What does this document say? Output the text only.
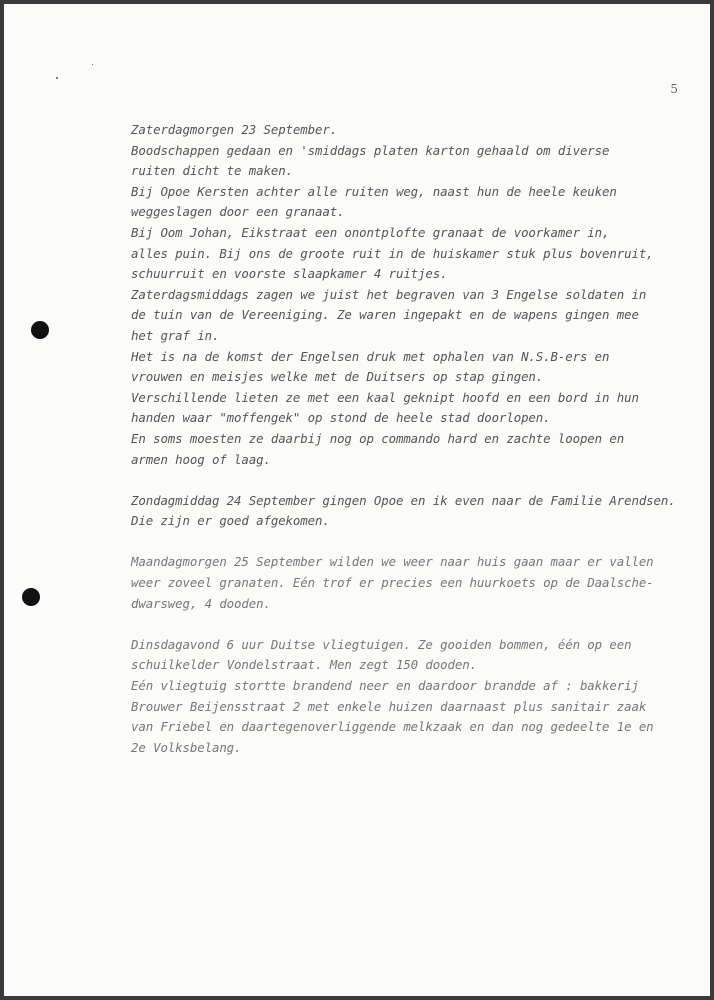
5
Zaterdagmorgen 23 September.
Boodschappen gedaan en 'smiddags platen karton gehaald om diverse
ruiten dicht te maken.
Bij Opoe Kersten achter alle ruiten weg, naast hun de heele keuken
weggeslagen door een granaat.
Bij Oom Johan, Eikstraat een onontplofte granaat de voorkamer in,
alles puin. Bij ons de groote ruit in de huiskamer stuk plus bovenruit,
schuurruit en voorste slaapkamer 4 ruitjes.
Zaterdagsmiddags zagen we juist het begraven van 3 Engelse soldaten in
de tuin van de Vereeniging. Ze waren ingepakt en de wapens gingen mee
het graf in.
Het is na de komst der Engelsen druk met ophalen van N.S.B-ers en
vrouwen en meisjes welke met de Duitsers op stap gingen.
Verschillende lieten ze met een kaal geknipt hoofd en een bord in hun
handen waar "moffengek" op stond de heele stad doorlopen.
En soms moesten ze daarbij nog op commando hard en zachte loopen en
armen hoog of laag.
Zondagmiddag 24 September gingen Opoe en ik even naar de Familie Arendsen.
Die zijn er goed afgekomen.
Maandagmorgen 25 September wilden we weer naar huis gaan maar er vallen
weer zoveel granaten. Eén trof er precies een huurkoets op de Daalsche-
dwarsweg, 4 dooden.
Dinsdagavond 6 uur Duitse vliegtuigen. Ze gooiden bommen, één op een
schuilkelder Vondelstraat. Men zegt 150 dooden.
Eén vliegtuig stortte brandend neer en daardoor brandde af : bakkerij
Brouwer Beijensstraat 2 met enkele huizen daarnaast plus sanitair zaak
van Friebel en daartegenoverliggende melkzaak en dan nog gedeelte 1e en
2e Volksbelang.
